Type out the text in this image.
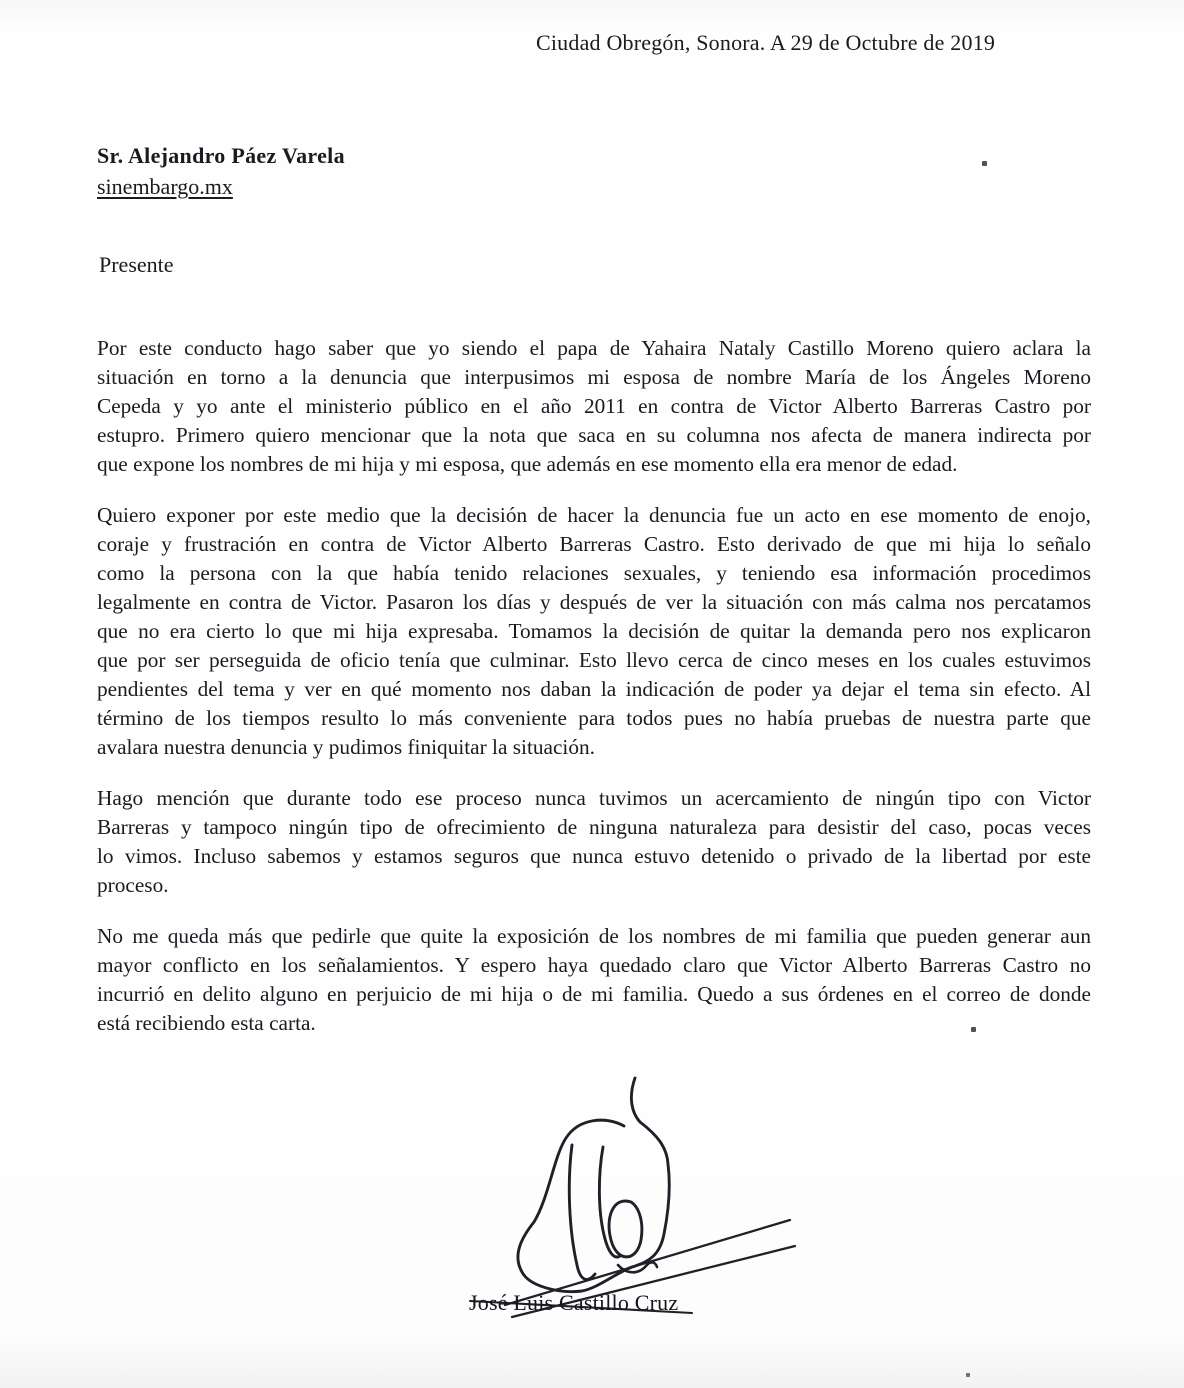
Ciudad Obregón, Sonora. A 29 de Octubre de 2019
Sr. Alejandro Páez Varela
sinembargo.mx
Presente
Por este conducto hago saber que yo siendo el papa de Yahaira Nataly Castillo Moreno quiero aclara la
situación en torno a la denuncia que interpusimos mi esposa de nombre María de los Ángeles Moreno
Cepeda y yo ante el ministerio público en el año 2011 en contra de Victor Alberto Barreras Castro por
estupro. Primero quiero mencionar que la nota que saca en su columna nos afecta de manera indirecta por
que expone los nombres de mi hija y mi esposa, que además en ese momento ella era menor de edad.
Quiero exponer por este medio que la decisión de hacer la denuncia fue un acto en ese momento de enojo,
coraje y frustración en contra de Victor Alberto Barreras Castro. Esto derivado de que mi hija lo señalo
como la persona con la que había tenido relaciones sexuales, y teniendo esa información procedimos
legalmente en contra de Victor. Pasaron los días y después de ver la situación con más calma nos percatamos
que no era cierto lo que mi hija expresaba. Tomamos la decisión de quitar la demanda pero nos explicaron
que por ser perseguida de oficio tenía que culminar. Esto llevo cerca de cinco meses en los cuales estuvimos
pendientes del tema y ver en qué momento nos daban la indicación de poder ya dejar el tema sin efecto. Al
término de los tiempos resulto lo más conveniente para todos pues no había pruebas de nuestra parte que
avalara nuestra denuncia y pudimos finiquitar la situación.
Hago mención que durante todo ese proceso nunca tuvimos un acercamiento de ningún tipo con Victor
Barreras y tampoco ningún tipo de ofrecimiento de ninguna naturaleza para desistir del caso, pocas veces
lo vimos. Incluso sabemos y estamos seguros que nunca estuvo detenido o privado de la libertad por este
proceso.
No me queda más que pedirle que quite la exposición de los nombres de mi familia que pueden generar aun
mayor conflicto en los señalamientos. Y espero haya quedado claro que Victor Alberto Barreras Castro no
incurrió en delito alguno en perjuicio de mi hija o de mi familia. Quedo a sus órdenes en el correo de donde
está recibiendo esta carta.
José Luis Castillo Cruz
